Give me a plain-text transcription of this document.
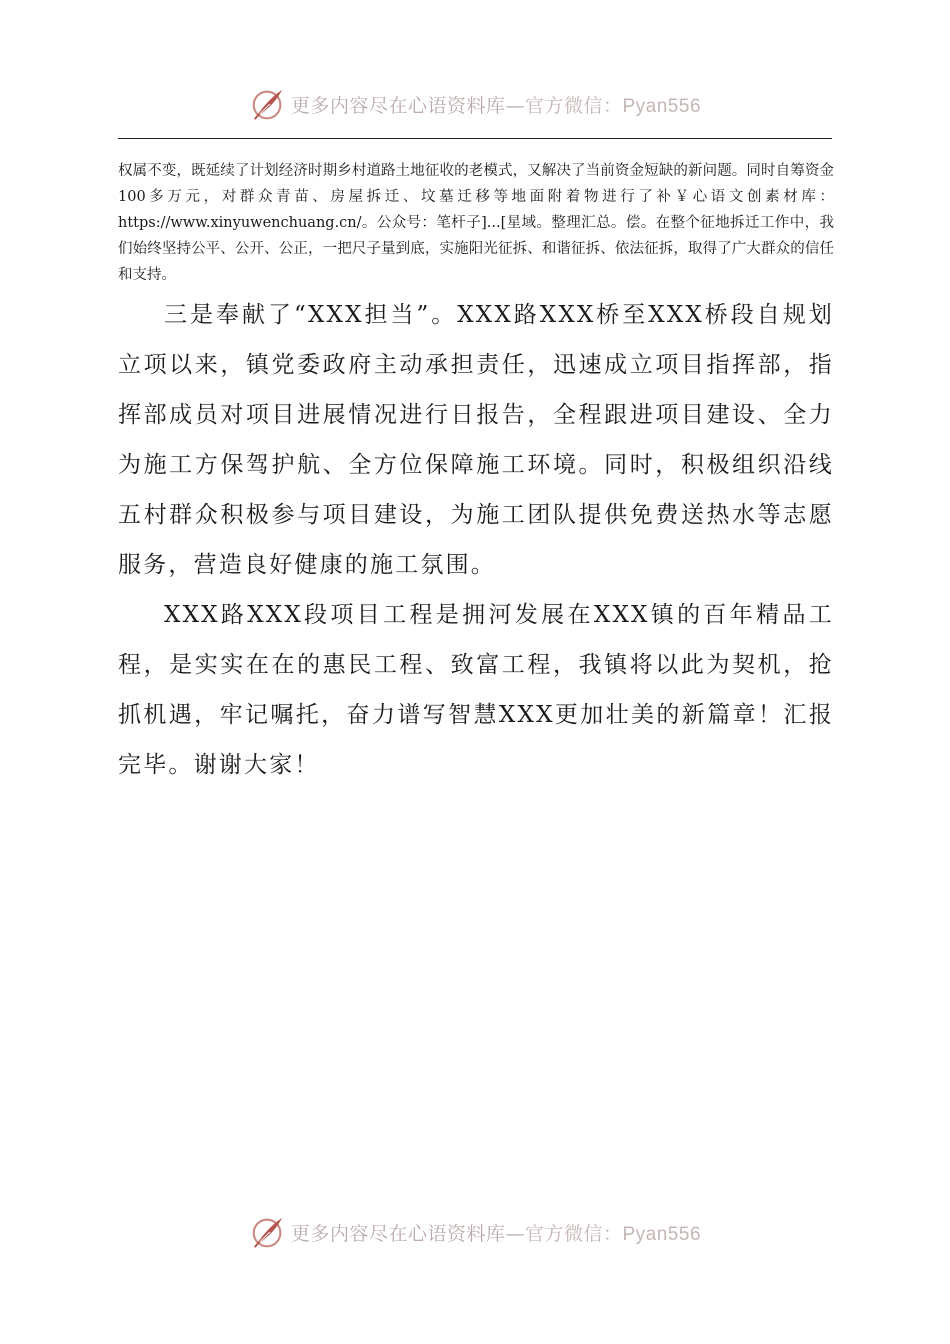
更多内容尽在心语资料库—官方微信：Pyan556

权属不变，既延续了计划经济时期乡村道路土地征收的老模式，又解决了当前资金短缺的新问题。同时自筹资金100多万元，对群众青苗、房屋拆迁、坟墓迁移等地面附着物进行了补￥心语文创素材库：https://www.xinyuwenchuang.cn/。公众号：笔杆子]...[星域。整理汇总。偿。在整个征地拆迁工作中，我们始终坚持公平、公开、公正，一把尺子量到底，实施阳光征拆、和谐征拆、依法征拆，取得了广大群众的信任和支持。

三是奉献了“XXX担当”。XXX路XXX桥至XXX桥段自规划立项以来，镇党委政府主动承担责任，迅速成立项目指挥部，指挥部成员对项目进展情况进行日报告，全程跟进项目建设、全力为施工方保驾护航、全方位保障施工环境。同时，积极组织沿线五村群众积极参与项目建设，为施工团队提供免费送热水等志愿服务，营造良好健康的施工氛围。

XXX路XXX段项目工程是拥河发展在XXX镇的百年精品工程，是实实在在的惠民工程、致富工程，我镇将以此为契机，抢抓机遇，牢记嘱托，奋力谱写智慧XXX更加壮美的新篇章！汇报完毕。谢谢大家！

更多内容尽在心语资料库—官方微信：Pyan556
